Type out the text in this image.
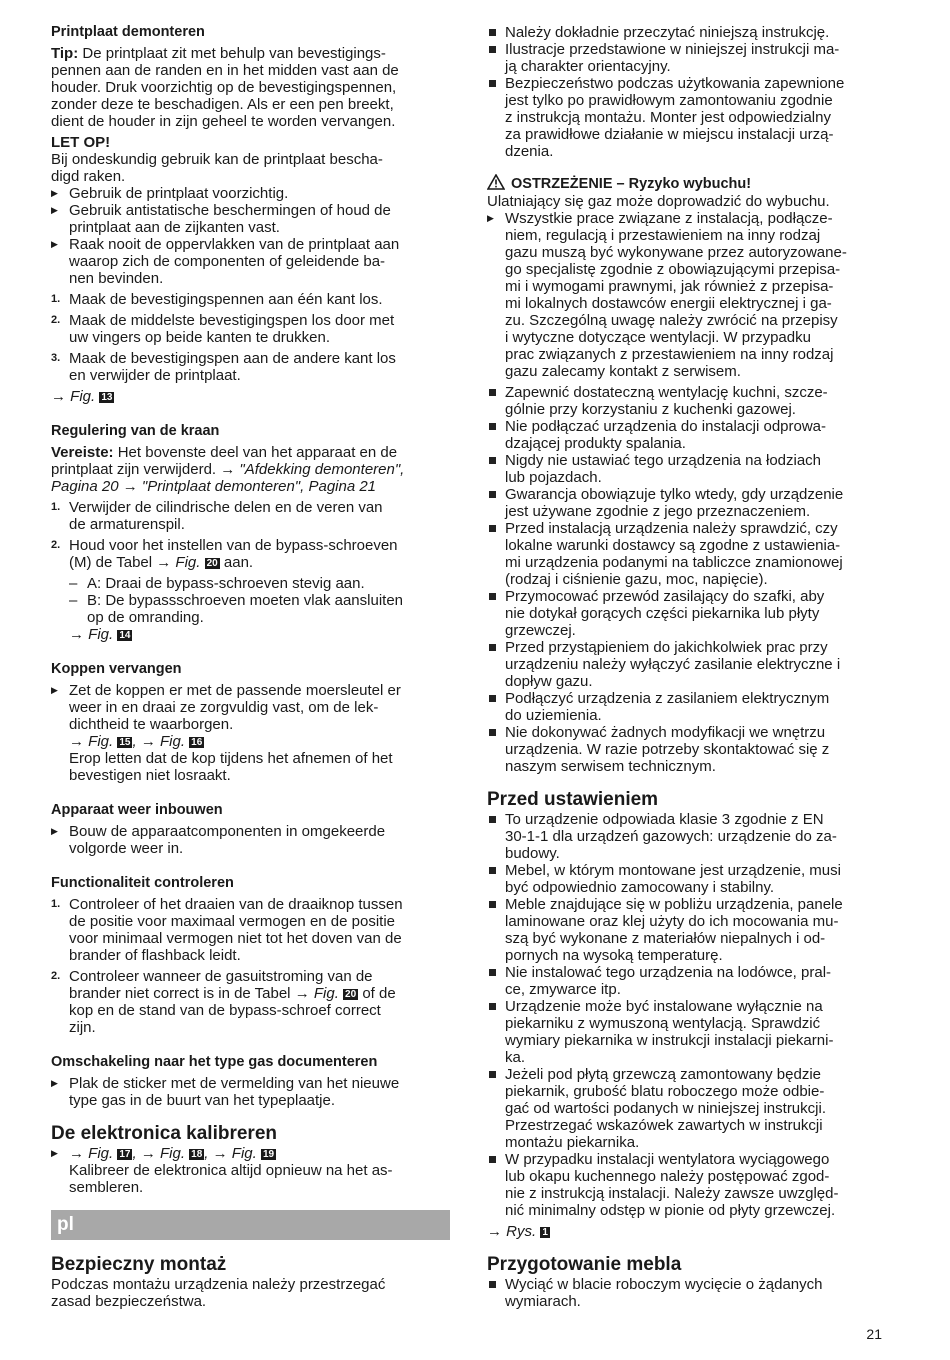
Printplaat demonteren

Tip: De printplaat zit met behulp van bevestigings-
pennen aan de randen en in het midden vast aan de
houder. Druk voorzichtig op de bevestigingspennen,
zonder deze te beschadigen. Als er een pen breekt,
dient de houder in zijn geheel te worden vervangen.

LET OP!

Bij ondeskundig gebruik kan de printplaat bescha-
digd raken.

▶ Gebruik de printplaat voorzichtig.
▶ Gebruik antistatische beschermingen of houd de
printplaat aan de zijkanten vast.
▶ Raak nooit de oppervlakken van de printplaat aan
waarop zich de componenten of geleidende ba-
nen bevinden.
1. Maak de bevestigingspennen aan één kant los.
2. Maak de middelste bevestigingspen los door met
uw vingers op beide kanten te drukken.
3. Maak de bevestigingspen aan de andere kant los
en verwijder de printplaat.

→ Fig. 13

Regulering van de kraan

Vereiste: Het bovenste deel van het apparaat en de
printplaat zijn verwijderd. → "Afdekking demonteren",
Pagina 20 → "Printplaat demonteren", Pagina 21

1. Verwijder de cilindrische delen en de veren van
de armaturenspil.
2. Houd voor het instellen van de bypass-schroeven
(M) de Tabel → Fig. 20 aan.
– A: Draai de bypass-schroeven stevig aan.
– B: De bypassschroeven moeten vlak aansluiten
op de omranding.

→ Fig. 14

Koppen vervangen

▶ Zet de koppen er met de passende moersleutel er
weer in en draai ze zorgvuldig vast, om de lek-
dichtheid te waarborgen.
→ Fig. 15 , → Fig. 16
Erop letten dat de kop tijdens het afnemen of het
bevestigen niet losraakt.

Apparaat weer inbouwen

▶ Bouw de apparaatcomponenten in omgekeerde
volgorde weer in.

Functionaliteit controleren

1. Controleer of het draaien van de draaiknop tussen
de positie voor maximaal vermogen en de positie
voor minimaal vermogen niet tot het doven van de
brander of flashback leidt.
2. Controleer wanneer de gasuitstroming van de
brander niet correct is in de Tabel → Fig. 20 of de
kop en de stand van de bypass-schroef correct
zijn.

Omschakeling naar het type gas documenteren

▶ Plak de sticker met de vermelding van het nieuwe
type gas in de buurt van het typeplaatje.

De elektronica kalibreren

▶ → Fig. 17 , → Fig. 18 , → Fig. 19
Kalibreer de elektronica altijd opnieuw na het as-
sembleren.
pl

Bezpieczny montaż

Podczas montażu urządzenia należy przestrzegać
zasad bezpieczeństwa.

Należy dokładnie przeczytać niniejszą instrukcję.
Ilustracje przedstawione w niniejszej instrukcji ma-
ją charakter orientacyjny.
Bezpieczeństwo podczas użytkowania zapewnione
jest tylko po prawidłowym zamontowaniu zgodnie
z instrukcją montażu. Monter jest odpowiedzialny
za prawidłowe działanie w miejscu instalacji urzą-
dzenia.

OSTRZEŻENIE – Ryzyko wybuchu!

Ulatniający się gaz może doprowadzić do wybuchu.

▶ Wszystkie prace związane z instalacją, podłącze-
niem, regulacją i przestawieniem na inny rodzaj
gazu muszą być wykonywane przez autoryzowane-
go specjalistę zgodnie z obowiązującymi przepisa-
mi i wymogami prawnymi, jak również z przepisa-
mi lokalnych dostawców energii elektrycznej i ga-
zu. Szczególną uwagę należy zwrócić na przepisy
i wytyczne dotyczące wentylacji. W przypadku
prac związanych z przestawieniem na inny rodzaj
gazu zalecamy kontakt z serwisem.
Zapewnić dostateczną wentylację kuchni, szcze-
gólnie przy korzystaniu z kuchenki gazowej.
Nie podłączać urządzenia do instalacji odprowa-
dzającej produkty spalania.
Nigdy nie ustawiać tego urządzenia na łodziach
lub pojazdach.
Gwarancja obowiązuje tylko wtedy, gdy urządzenie
jest używane zgodnie z jego przeznaczeniem.
Przed instalacją urządzenia należy sprawdzić, czy
lokalne warunki dostawcy są zgodne z ustawienia-
mi urządzenia podanymi na tabliczce znamionowej
(rodzaj i ciśnienie gazu, moc, napięcie).
Przymocować przewód zasilający do szafki, aby
nie dotykał gorących części piekarnika lub płyty
grzewczej.
Przed przystąpieniem do jakichkolwiek prac przy
urządzeniu należy wyłączyć zasilanie elektryczne i
dopływ gazu.
Podłączyć urządzenia z zasilaniem elektrycznym
do uziemienia.
Nie dokonywać żadnych modyfikacji we wnętrzu
urządzenia. W razie potrzeby skontaktować się z
naszym serwisem technicznym.

Przed ustawieniem

To urządzenie odpowiada klasie 3 zgodnie z EN
30-1-1 dla urządzeń gazowych: urządzenie do za-
budowy.
Mebel, w którym montowane jest urządzenie, musi
być odpowiednio zamocowany i stabilny.
Meble znajdujące się w pobliżu urządzenia, panele
laminowane oraz klej użyty do ich mocowania mu-
szą być wykonane z materiałów niepalnych i od-
pornych na wysoką temperaturę.
Nie instalować tego urządzenia na lodówce, pral-
ce, zmywarce itp.
Urządzenie może być instalowane wyłącznie na
piekarniku z wymuszoną wentylacją. Sprawdzić
wymiary piekarnika w instrukcji instalacji piekarni-
ka.
Jeżeli pod płytą grzewczą zamontowany będzie
piekarnik, grubość blatu roboczego może odbie-
gać od wartości podanych w niniejszej instrukcji.
Przestrzegać wskazówek zawartych w instrukcji
montażu piekarnika.
W przypadku instalacji wentylatora wyciągowego
lub okapu kuchennego należy postępować zgod-
nie z instrukcją instalacji. Należy zawsze uwzględ-
nić minimalny odstęp w pionie od płyty grzewczej.

→ Rys. 1

Przygotowanie mebla

Wyciąć w blacie roboczym wycięcie o żądanych
wymiarach.
21
